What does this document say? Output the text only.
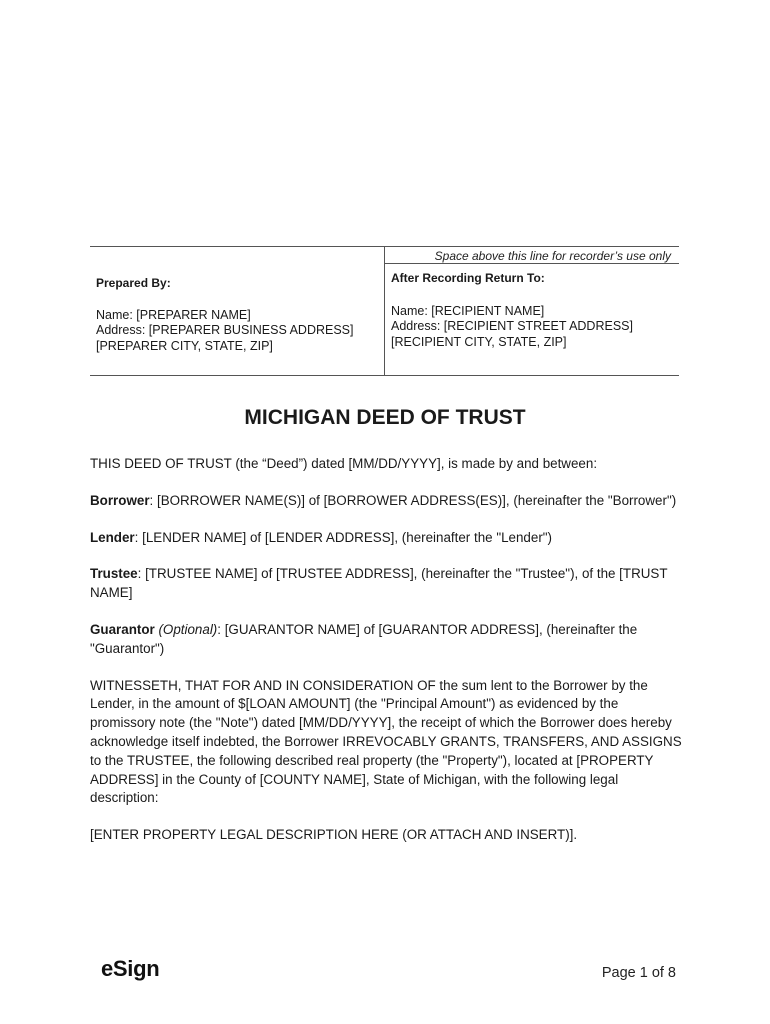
Space above this line for recorder’s use only
Prepared By:
Name: [PREPARER NAME]
Address: [PREPARER BUSINESS ADDRESS]
[PREPARER CITY, STATE, ZIP]
After Recording Return To:
Name: [RECIPIENT NAME]
Address: [RECIPIENT STREET ADDRESS]
[RECIPIENT CITY, STATE, ZIP]
MICHIGAN DEED OF TRUST

THIS DEED OF TRUST (the “Deed”) dated [MM/DD/YYYY], is made by and between:

Borrower: [BORROWER NAME(S)] of [BORROWER ADDRESS(ES)], (hereinafter the "Borrower")

Lender: [LENDER NAME] of [LENDER ADDRESS], (hereinafter the "Lender")

Trustee: [TRUSTEE NAME] of [TRUSTEE ADDRESS], (hereinafter the "Trustee"), of the [TRUST NAME]

Guarantor (Optional): [GUARANTOR NAME] of [GUARANTOR ADDRESS], (hereinafter the "Guarantor")

WITNESSETH, THAT FOR AND IN CONSIDERATION OF the sum lent to the Borrower by the Lender, in the amount of $[LOAN AMOUNT] (the "Principal Amount") as evidenced by the promissory note (the "Note") dated [MM/DD/YYYY], the receipt of which the Borrower does hereby acknowledge itself indebted, the Borrower IRREVOCABLY GRANTS, TRANSFERS, AND ASSIGNS to the TRUSTEE, the following described real property (the "Property"), located at [PROPERTY ADDRESS] in the County of [COUNTY NAME], State of Michigan, with the following legal description:

[ENTER PROPERTY LEGAL DESCRIPTION HERE (OR ATTACH AND INSERT)].

eSign	Page 1 of 8
